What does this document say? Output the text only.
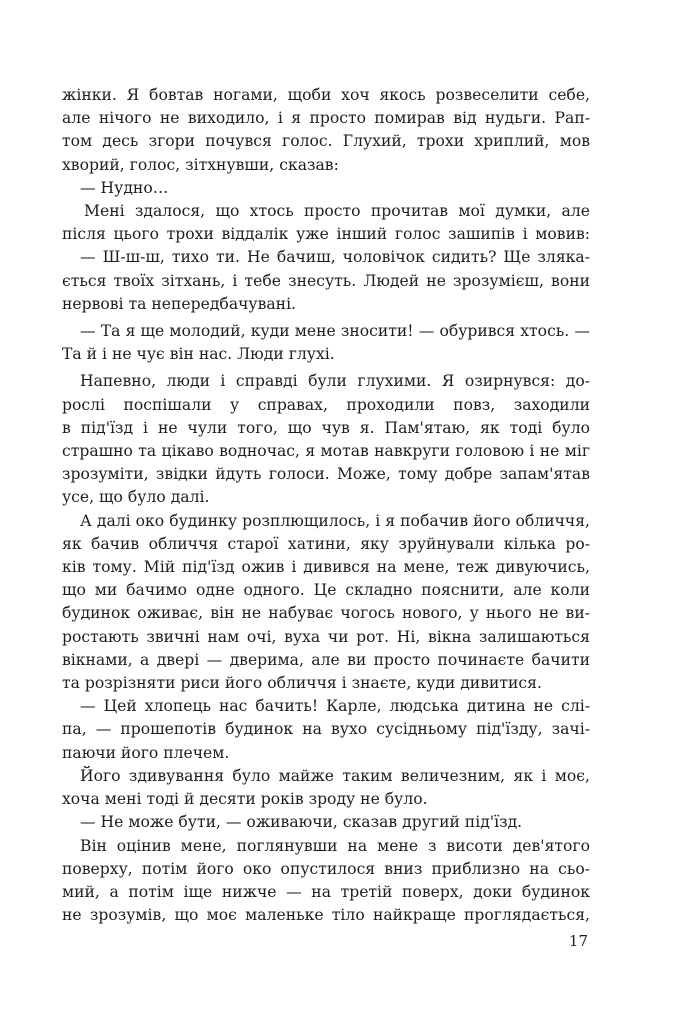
жінки. Я бовтав ногами, щоби хоч якось розвеселити себе,
але нічого не виходило, і я просто помирав від нудьги. Рап-
том десь згори почувся голос. Глухий, трохи хриплий, мов
хворий, голос, зітхнувши, сказав:
— Нудно…
Мені здалося, що хтось просто прочитав мої думки, але
після цього трохи віддалік уже інший голос зашипів і мовив:
— Ш-ш-ш, тихо ти. Не бачиш, чоловічок сидить? Ще зляка-
ється твоїх зітхань, і тебе знесуть. Людей не зрозумієш, вони
нервові та непередбачувані.
— Та я ще молодий, куди мене зносити! — обурився хтось. —
Та й і не чує він нас. Люди глухі.
Напевно, люди і справді були глухими. Я озирнувся: до-
рослі поспішали у справах, проходили повз, заходили
в під'їзд і не чули того, що чув я. Пам'ятаю, як тоді було
страшно та цікаво водночас, я мотав навкруги головою і не міг
зрозуміти, звідки йдуть голоси. Може, тому добре запам'ятав
усе, що було далі.
А далі око будинку розплющилось, і я побачив його обличчя,
як бачив обличчя старої хатини, яку зруйнували кілька ро-
ків тому. Мій під'їзд ожив і дивився на мене, теж дивуючись,
що ми бачимо одне одного. Це складно пояснити, але коли
будинок оживає, він не набуває чогось нового, у нього не ви-
ростають звичні нам очі, вуха чи рот. Ні, вікна залишаються
вікнами, а двері — дверима, але ви просто починаєте бачити
та розрізняти риси його обличчя і знаєте, куди дивитися.
— Цей хлопець нас бачить! Карле, людська дитина не слі-
па, — прошепотів будинок на вухо сусідньому під'їзду, зачі-
паючи його плечем.
Його здивування було майже таким величезним, як і моє,
хоча мені тоді й десяти років зроду не було.
— Не може бути, — оживаючи, сказав другий під'їзд.
Він оцінив мене, поглянувши на мене з висоти дев'ятого
поверху, потім його око опустилося вниз приблизно на сьо-
мий, а потім іще нижче — на третій поверх, доки будинок
не зрозумів, що моє маленьке тіло найкраще проглядається,
17
